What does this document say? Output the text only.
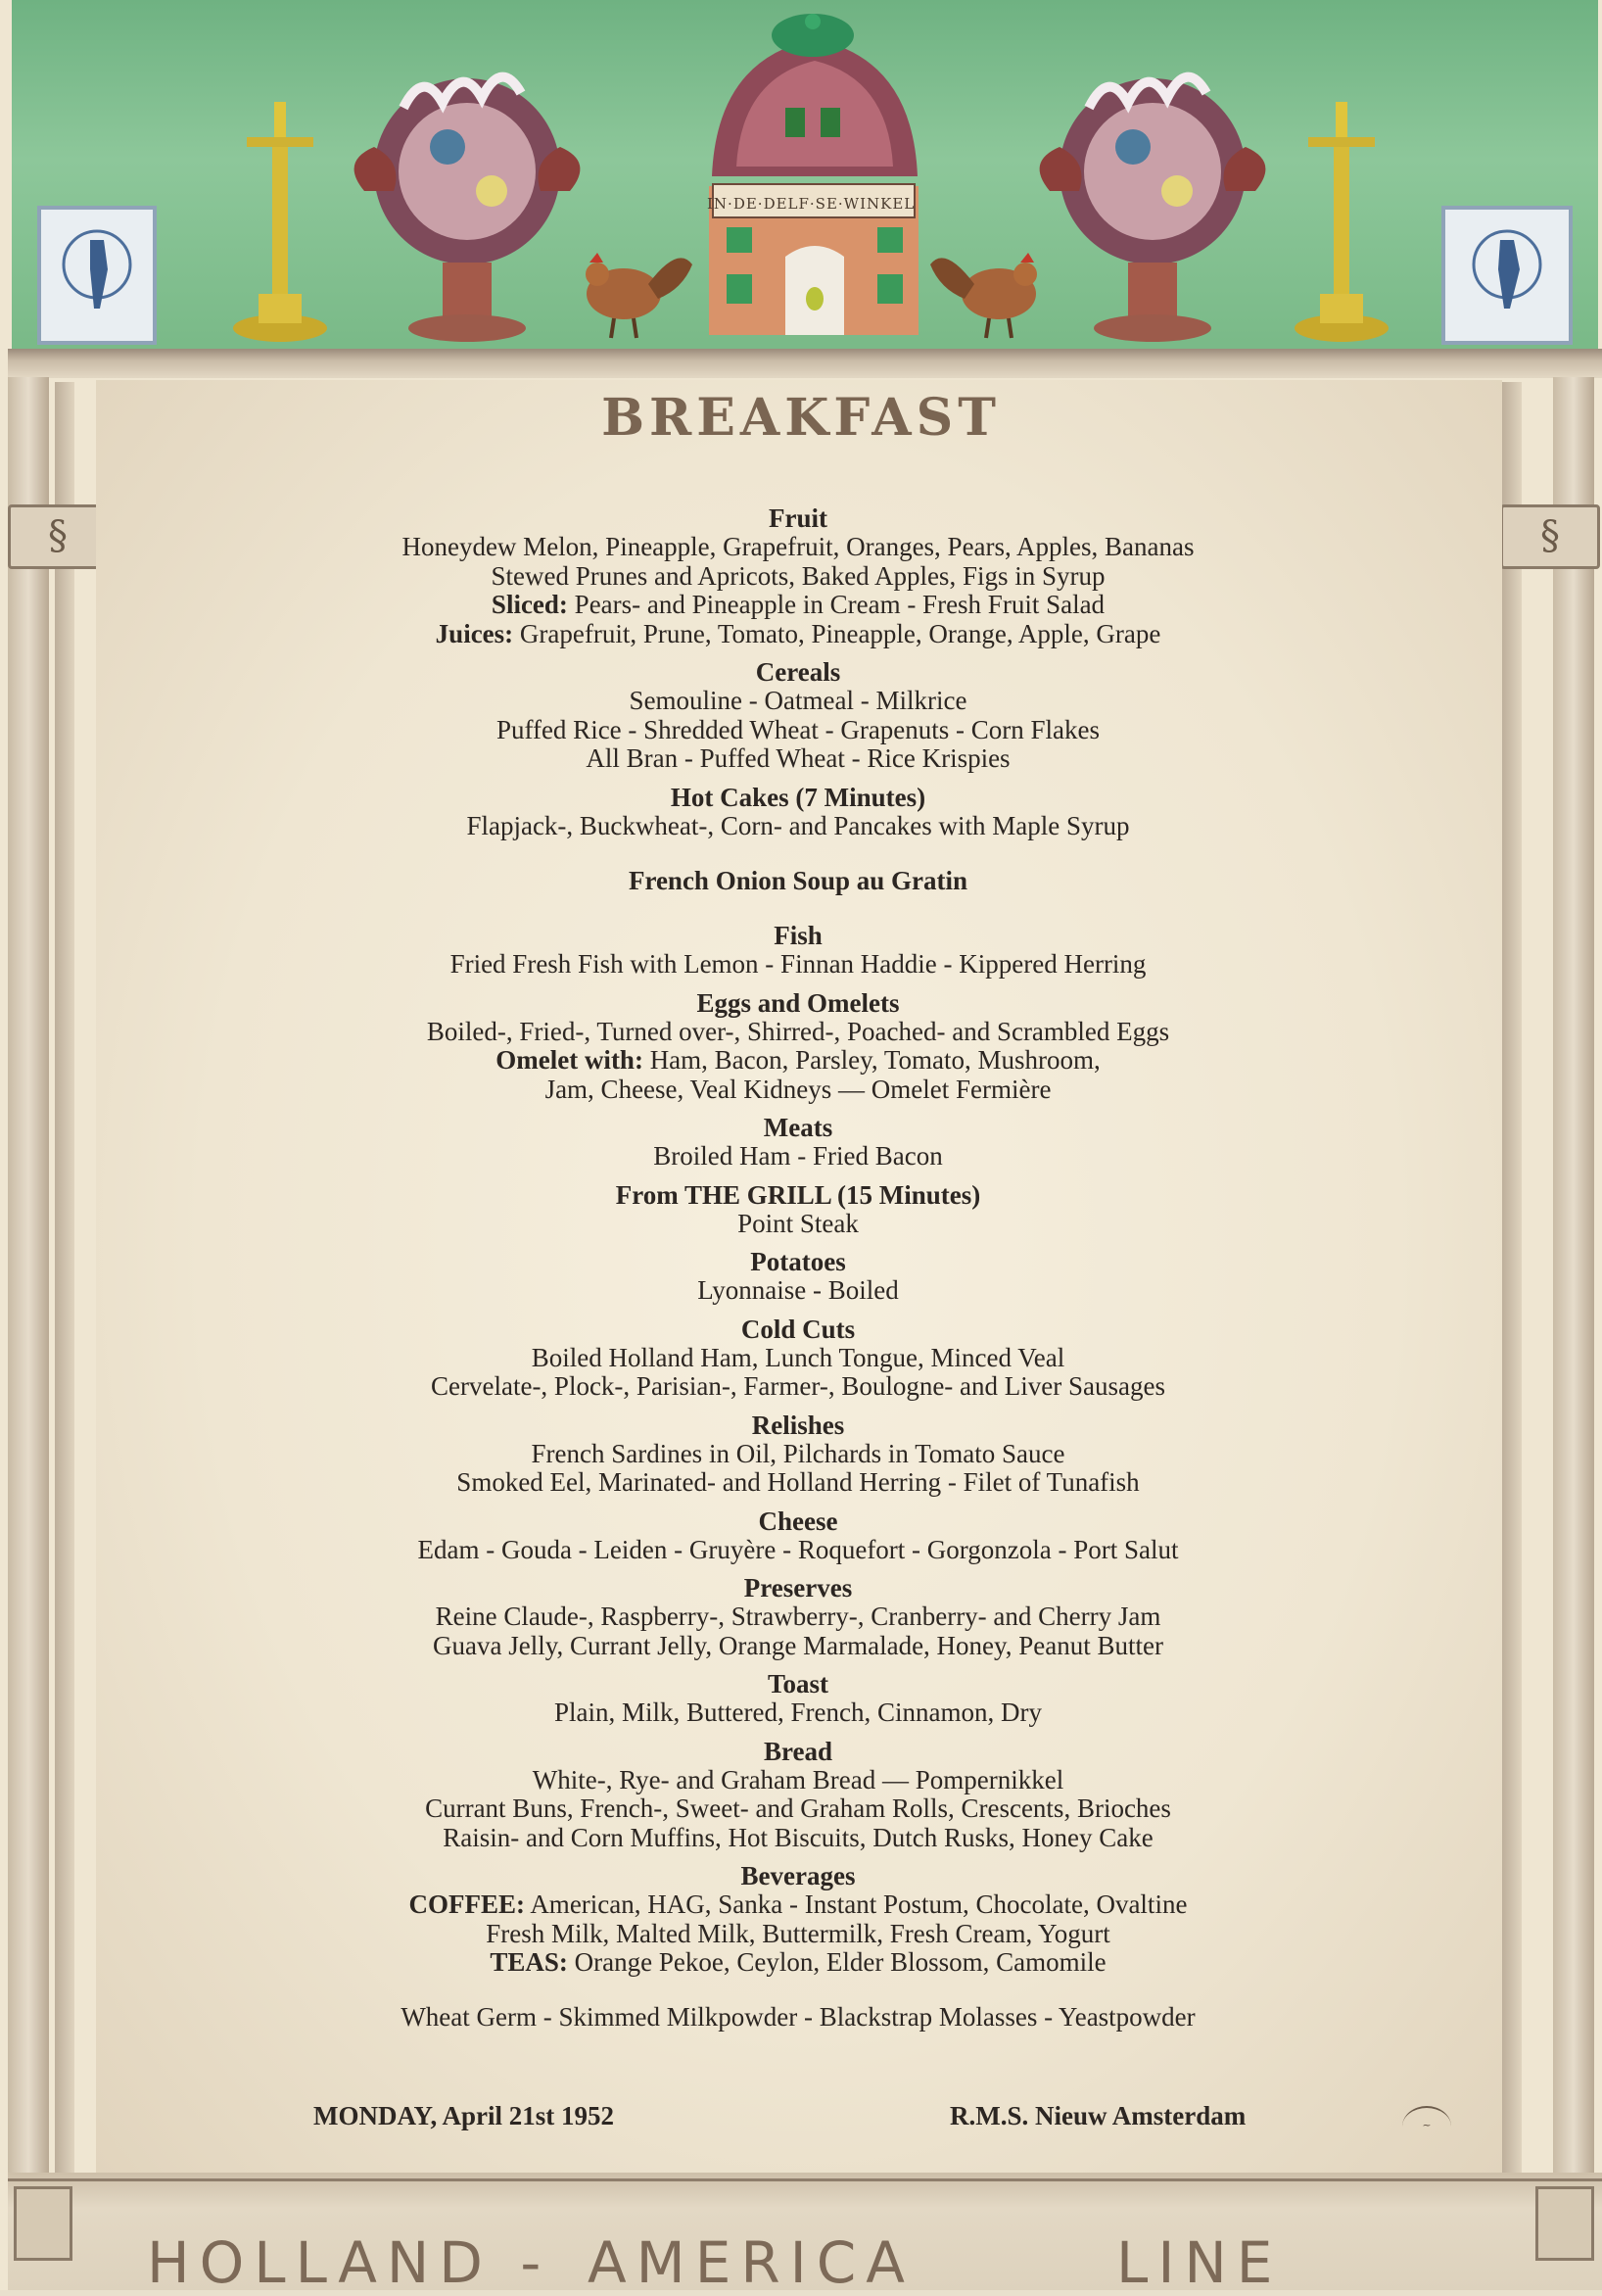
IN·DE·DELF·SE·WINKEL
§	§
BREAKFAST
Fruit
Honeydew Melon, Pineapple, Grapefruit, Oranges, Pears, Apples, Bananas
Stewed Prunes and Apricots, Baked Apples, Figs in Syrup
Sliced: Pears- and Pineapple in Cream - Fresh Fruit Salad
Juices: Grapefruit, Prune, Tomato, Pineapple, Orange, Apple, Grape
Cereals
Semouline - Oatmeal - Milkrice
Puffed Rice - Shredded Wheat - Grapenuts - Corn Flakes
All Bran - Puffed Wheat - Rice Krispies
Hot Cakes (7 Minutes)
Flapjack-, Buckwheat-, Corn- and Pancakes with Maple Syrup
French Onion Soup au Gratin
Fish
Fried Fresh Fish with Lemon - Finnan Haddie - Kippered Herring
Eggs and Omelets
Boiled-, Fried-, Turned over-, Shirred-, Poached- and Scrambled Eggs
Omelet with: Ham, Bacon, Parsley, Tomato, Mushroom,
Jam, Cheese, Veal Kidneys — Omelet Fermière
Meats
Broiled Ham - Fried Bacon
From THE GRILL (15 Minutes)
Point Steak
Potatoes
Lyonnaise - Boiled
Cold Cuts
Boiled Holland Ham, Lunch Tongue, Minced Veal
Cervelate-, Plock-, Parisian-, Farmer-, Boulogne- and Liver Sausages
Relishes
French Sardines in Oil, Pilchards in Tomato Sauce
Smoked Eel, Marinated- and Holland Herring - Filet of Tunafish
Cheese
Edam - Gouda - Leiden - Gruyère - Roquefort - Gorgonzola - Port Salut
Preserves
Reine Claude-, Raspberry-, Strawberry-, Cranberry- and Cherry Jam
Guava Jelly, Currant Jelly, Orange Marmalade, Honey, Peanut Butter
Toast
Plain, Milk, Buttered, French, Cinnamon, Dry
Bread
White-, Rye- and Graham Bread — Pompernikkel
Currant Buns, French-, Sweet- and Graham Rolls, Crescents, Brioches
Raisin- and Corn Muffins, Hot Biscuits, Dutch Rusks, Honey Cake
Beverages
COFFEE: American, HAG, Sanka - Instant Postum, Chocolate, Ovaltine
Fresh Milk, Malted Milk, Buttermilk, Fresh Cream, Yogurt
TEAS: Orange Pekoe, Ceylon, Elder Blossom, Camomile
Wheat Germ - Skimmed Milkpowder - Blackstrap Molasses - Yeastpowder
MONDAY, April 21st 1952	R.M.S. Nieuw Amsterdam	~
HOLLAND - AMERICA	LINE
